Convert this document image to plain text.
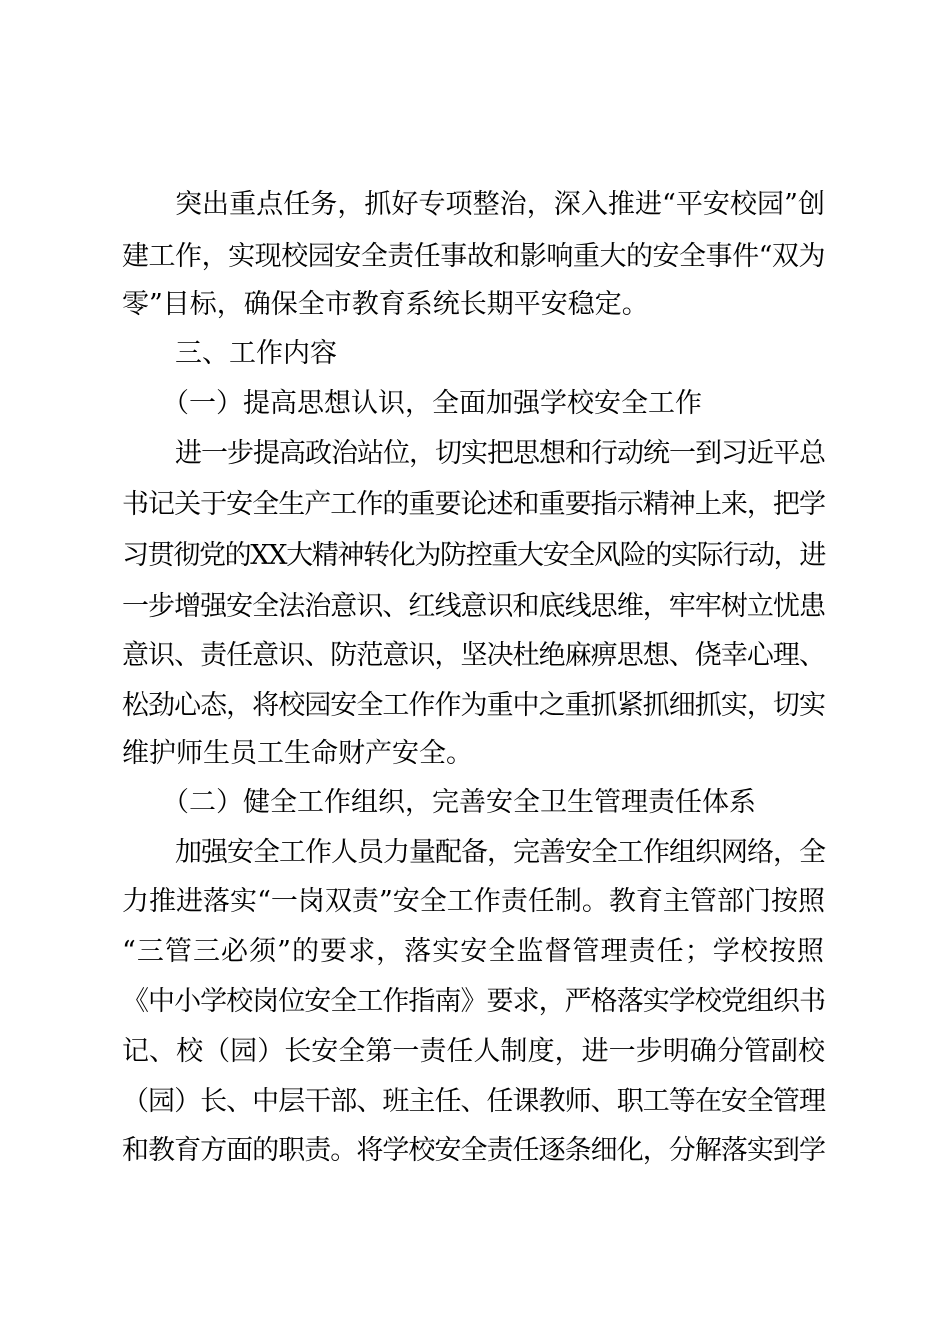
突出重点任务，抓好专项整治，深入推进“平安校园”创
建工作，实现校园安全责任事故和影响重大的安全事件“双为
零”目标，确保全市教育系统长期平安稳定。
三、工作内容
（一）提高思想认识，全面加强学校安全工作
进一步提高政治站位，切实把思想和行动统一到习近平总
书记关于安全生产工作的重要论述和重要指示精神上来，把学
习贯彻党的XX大精神转化为防控重大安全风险的实际行动，进
一步增强安全法治意识、红线意识和底线思维，牢牢树立忧患
意识、责任意识、防范意识，坚决杜绝麻痹思想、侥幸心理、
松劲心态，将校园安全工作作为重中之重抓紧抓细抓实，切实
维护师生员工生命财产安全。
（二）健全工作组织，完善安全卫生管理责任体系
加强安全工作人员力量配备，完善安全工作组织网络，全
力推进落实“一岗双责”安全工作责任制。教育主管部门按照
“三管三必须”的要求，落实安全监督管理责任；学校按照
《中小学校岗位安全工作指南》要求，严格落实学校党组织书
记、校（园）长安全第一责任人制度，进一步明确分管副校
（园）长、中层干部、班主任、任课教师、职工等在安全管理
和教育方面的职责。将学校安全责任逐条细化，分解落实到学
